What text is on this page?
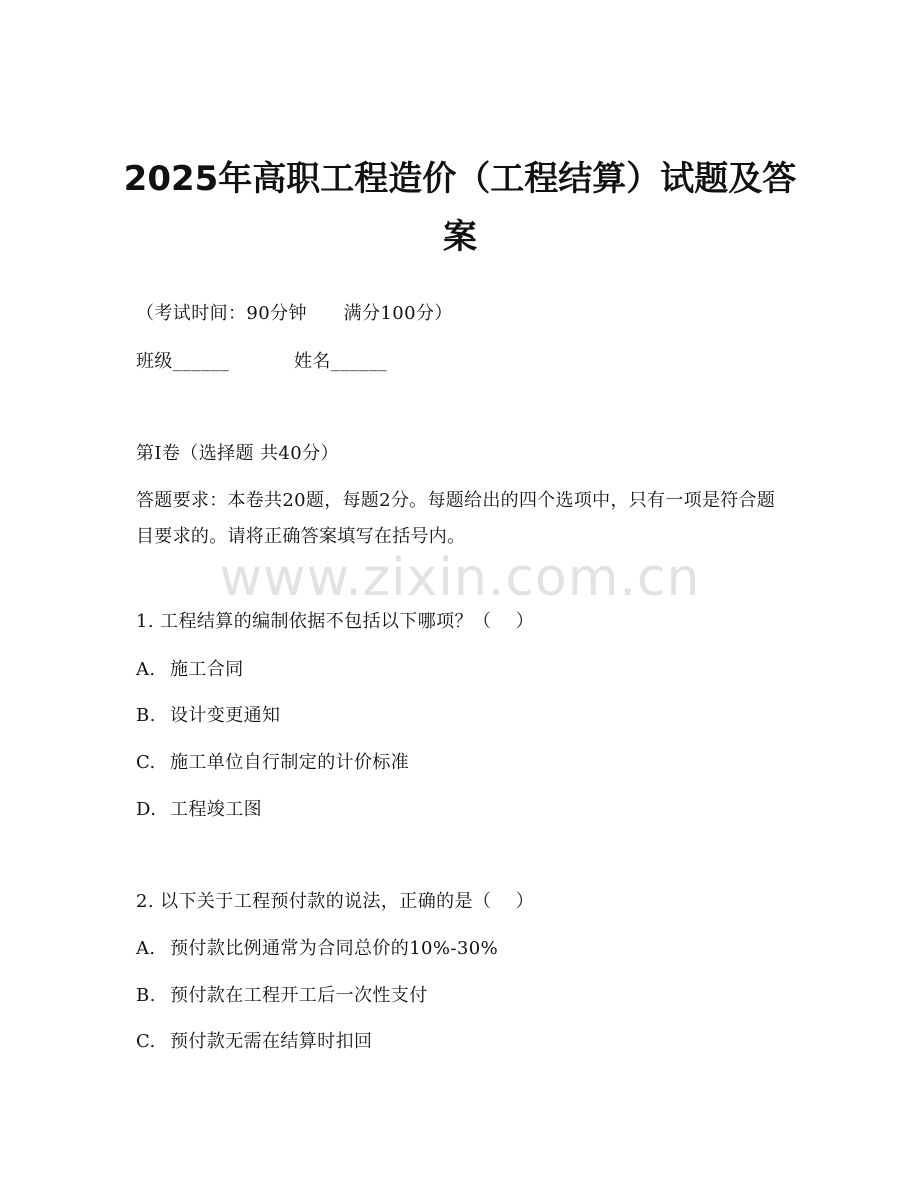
2025年高职工程造价（工程结算）试题及答案
（考试时间：90分钟      满分100分）
班级______	姓名______
第I卷（选择题 共40分）
答题要求：本卷共20题，每题2分。每题给出的四个选项中，只有一项是符合题目要求的。请将正确答案填写在括号内。
www.zixin.com.cn
1. 工程结算的编制依据不包括以下哪项？（    ）
A. 施工合同
B. 设计变更通知
C. 施工单位自行制定的计价标准
D. 工程竣工图
2. 以下关于工程预付款的说法，正确的是（    ）
A. 预付款比例通常为合同总价的10%-30%
B. 预付款在工程开工后一次性支付
C. 预付款无需在结算时扣回
